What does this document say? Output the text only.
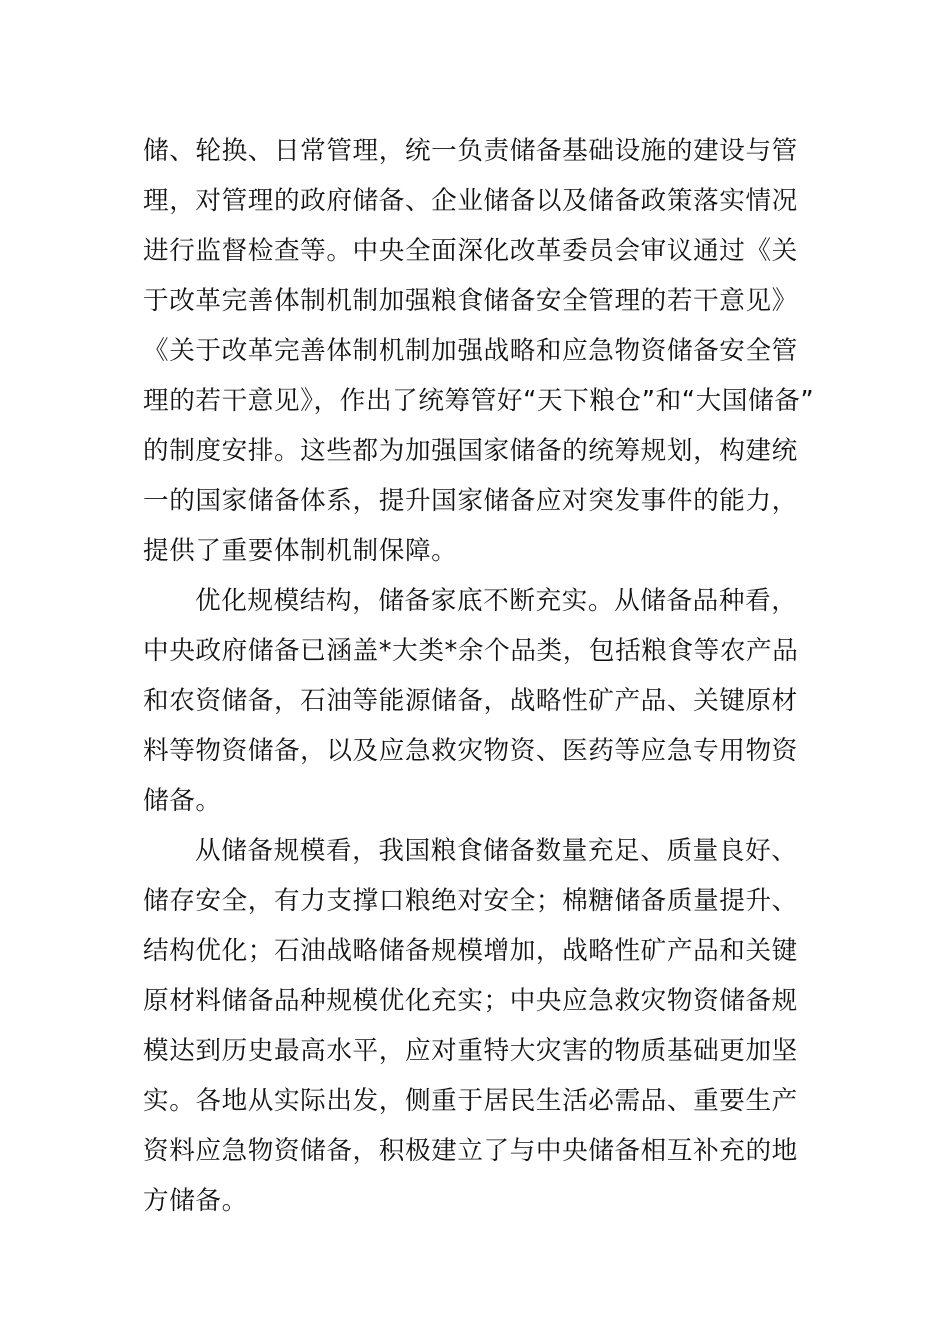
储、轮换、日常管理，统一负责储备基础设施的建设与管
理，对管理的政府储备、企业储备以及储备政策落实情况
进行监督检查等。中央全面深化改革委员会审议通过《关
于改革完善体制机制加强粮食储备安全管理的若干意见》
《关于改革完善体制机制加强战略和应急物资储备安全管
理的若干意见》，作出了统筹管好“天下粮仓”和“大国储备”
的制度安排。这些都为加强国家储备的统筹规划，构建统
一的国家储备体系，提升国家储备应对突发事件的能力，
提供了重要体制机制保障。
优化规模结构，储备家底不断充实。从储备品种看，
中央政府储备已涵盖*大类*余个品类，包括粮食等农产品
和农资储备，石油等能源储备，战略性矿产品、关键原材
料等物资储备，以及应急救灾物资、医药等应急专用物资
储备。
从储备规模看，我国粮食储备数量充足、质量良好、
储存安全，有力支撑口粮绝对安全；棉糖储备质量提升、
结构优化；石油战略储备规模增加，战略性矿产品和关键
原材料储备品种规模优化充实；中央应急救灾物资储备规
模达到历史最高水平，应对重特大灾害的物质基础更加坚
实。各地从实际出发，侧重于居民生活必需品、重要生产
资料应急物资储备，积极建立了与中央储备相互补充的地
方储备。
